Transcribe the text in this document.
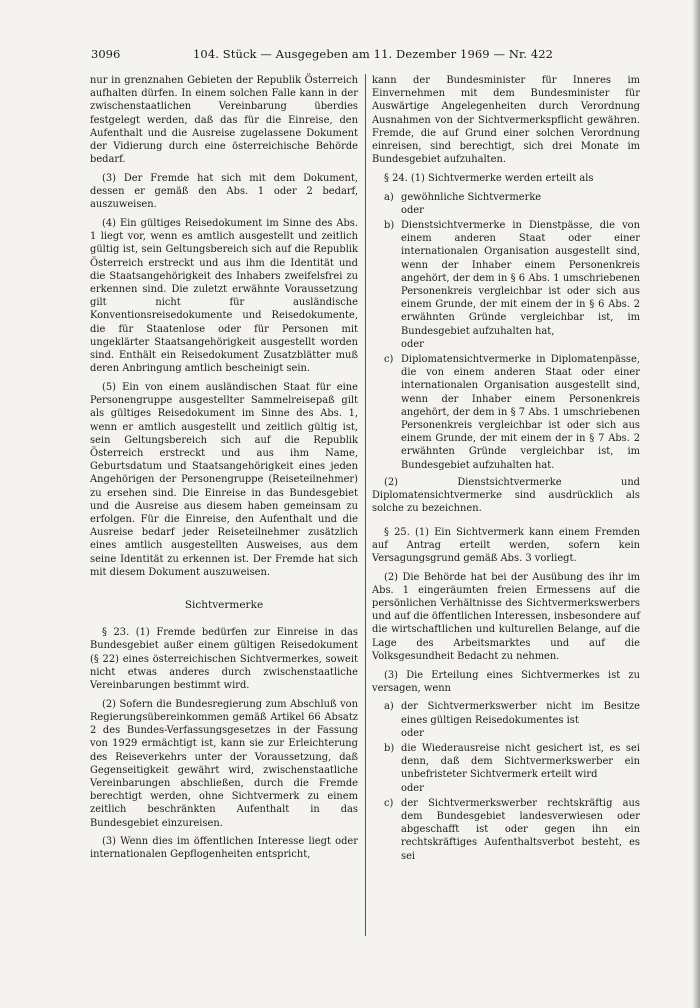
3096	104. Stück — Ausgegeben am 11. Dezember 1969 — Nr. 422

nur in grenznahen Gebieten der Republik Österreich aufhalten dürfen. In einem solchen Falle kann in der zwischenstaatlichen Vereinbarung überdies festgelegt werden, daß das für die Einreise, den Aufenthalt und die Ausreise zugelassene Dokument der Vidierung durch eine österreichische Behörde bedarf.

(3) Der Fremde hat sich mit dem Dokument, dessen er gemäß den Abs. 1 oder 2 bedarf, auszuweisen.

(4) Ein gültiges Reisedokument im Sinne des Abs. 1 liegt vor, wenn es amtlich ausgestellt und zeitlich gültig ist, sein Geltungsbereich sich auf die Republik Österreich erstreckt und aus ihm die Identität und die Staatsangehörigkeit des Inhabers zweifelsfrei zu erkennen sind. Die zuletzt erwähnte Voraussetzung gilt nicht für ausländische Konventionsreisedokumente und Reisedokumente, die für Staatenlose oder für Personen mit ungeklärter Staatsangehörigkeit ausgestellt worden sind. Enthält ein Reisedokument Zusatzblätter muß deren Anbringung amtlich bescheinigt sein.

(5) Ein von einem ausländischen Staat für eine Personengruppe ausgestellter Sammelreisepaß gilt als gültiges Reisedokument im Sinne des Abs. 1, wenn er amtlich ausgestellt und zeitlich gültig ist, sein Geltungsbereich sich auf die Republik Österreich erstreckt und aus ihm Name, Geburtsdatum und Staatsangehörigkeit eines jeden Angehörigen der Personengruppe (Reiseteilnehmer) zu ersehen sind. Die Einreise in das Bundesgebiet und die Ausreise aus diesem haben gemeinsam zu erfolgen. Für die Einreise, den Aufenthalt und die Ausreise bedarf jeder Reiseteilnehmer zusätzlich eines amtlich ausgestellten Ausweises, aus dem seine Identität zu erkennen ist. Der Fremde hat sich mit diesem Dokument auszuweisen.

Sichtvermerke

§ 23. (1) Fremde bedürfen zur Einreise in das Bundesgebiet außer einem gültigen Reisedokument (§ 22) eines österreichischen Sichtvermerkes, soweit nicht etwas anderes durch zwischenstaatliche Vereinbarungen bestimmt wird.

(2) Sofern die Bundesregierung zum Abschluß von Regierungsübereinkommen gemäß Artikel 66 Absatz 2 des Bundes-Verfassungsgesetzes in der Fassung von 1929 ermächtigt ist, kann sie zur Erleichterung des Reiseverkehrs unter der Voraussetzung, daß Gegenseitigkeit gewährt wird, zwischenstaatliche Vereinbarungen abschließen, durch die Fremde berechtigt werden, ohne Sichtvermerk zu einem zeitlich beschränkten Aufenthalt in das Bundesgebiet einzureisen.

(3) Wenn dies im öffentlichen Interesse liegt oder internationalen Gepflogenheiten entspricht,

kann der Bundesminister für Inneres im Einvernehmen mit dem Bundesminister für Auswärtige Angelegenheiten durch Verordnung Ausnahmen von der Sichtvermerkspflicht gewähren. Fremde, die auf Grund einer solchen Verordnung einreisen, sind berechtigt, sich drei Monate im Bundesgebiet aufzuhalten.

§ 24. (1) Sichtvermerke werden erteilt als

a) gewöhnliche Sichtvermerke
oder
b) Dienstsichtvermerke in Dienstpässe, die von einem anderen Staat oder einer internationalen Organisation ausgestellt sind, wenn der Inhaber einem Personenkreis angehört, der dem in § 6 Abs. 1 umschriebenen Personenkreis vergleichbar ist oder sich aus einem Grunde, der mit einem der in § 6 Abs. 2 erwähnten Gründe vergleichbar ist, im Bundesgebiet aufzuhalten hat,
oder
c) Diplomatensichtvermerke in Diplomatenpässe, die von einem anderen Staat oder einer internationalen Organisation ausgestellt sind, wenn der Inhaber einem Personenkreis angehört, der dem in § 7 Abs. 1 umschriebenen Personenkreis vergleichbar ist oder sich aus einem Grunde, der mit einem der in § 7 Abs. 2 erwähnten Gründe vergleichbar ist, im Bundesgebiet aufzuhalten hat.

(2) Dienstsichtvermerke und Diplomatensichtvermerke sind ausdrücklich als solche zu bezeichnen.

§ 25. (1) Ein Sichtvermerk kann einem Fremden auf Antrag erteilt werden, sofern kein Versagungsgrund gemäß Abs. 3 vorliegt.

(2) Die Behörde hat bei der Ausübung des ihr im Abs. 1 eingeräumten freien Ermessens auf die persönlichen Verhältnisse des Sichtvermerkswerbers und auf die öffentlichen Interessen, insbesondere auf die wirtschaftlichen und kulturellen Belange, auf die Lage des Arbeitsmarktes und auf die Volksgesundheit Bedacht zu nehmen.

(3) Die Erteilung eines Sichtvermerkes ist zu versagen, wenn

a) der Sichtvermerkswerber nicht im Besitze eines gültigen Reisedokumentes ist
oder
b) die Wiederausreise nicht gesichert ist, es sei denn, daß dem Sichtvermerkswerber ein unbefristeter Sichtvermerk erteilt wird
oder
c) der Sichtvermerkswerber rechtskräftig aus dem Bundesgebiet landesverwiesen oder abgeschafft ist oder gegen ihn ein rechtskräftiges Aufenthaltsverbot besteht, es sei
